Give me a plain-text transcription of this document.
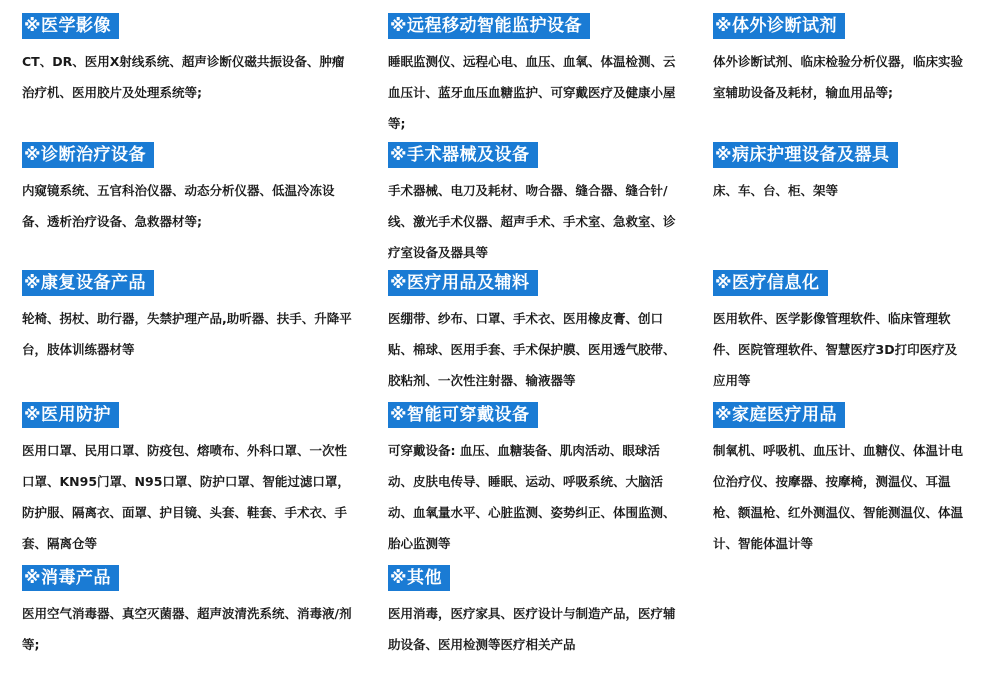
※医学影像
CT、DR、医用X射线系统、超声诊断仪磁共振设备、肿瘤治疗机、医用胶片及处理系统等;
※远程移动智能监护设备
睡眠监测仪、远程心电、血压、血氧、体温检测、云血压计、蓝牙血压血糖监护、可穿戴医疗及健康小屋等;
※体外诊断试剂
体外诊断试剂、临床检验分析仪器，临床实验室辅助设备及耗材，输血用品等;
※诊断治疗设备
内窥镜系统、五官科治仪器、动态分析仪器、低温冷冻设备、透析治疗设备、急救器材等;
※手术器械及设备
手术器械、电刀及耗材、吻合器、缝合器、缝合针/线、激光手术仪器、超声手术、手术室、急救室、诊疗室设备及器具等
※病床护理设备及器具
床、车、台、柜、架等
※康复设备产品
轮椅、拐杖、助行器，失禁护理产品,助听器、扶手、升降平台，肢体训练器材等
※医疗用品及辅料
医绷带、纱布、口罩、手术衣、医用橡皮膏、创口贴、棉球、医用手套、手术保护膜、医用透气胶带、胶粘剂、一次性注射器、输液器等
※医疗信息化
医用软件、医学影像管理软件、临床管理软件、医院管理软件、智慧医疗3D打印医疗及应用等
※医用防护
医用口罩、民用口罩、防疫包、熔喷布、外科口罩、一次性口罩、KN95门罩、N95口罩、防护口罩、智能过滤口罩，防护服、隔离衣、面罩、护目镜、头套、鞋套、手术衣、手套、隔离仓等
※智能可穿戴设备
可穿戴设备: 血压、血糖装备、肌肉活动、眼球活动、皮肤电传导、睡眠、运动、呼吸系统、大脑活动、血氧量水平、心脏监测、姿势纠正、体围监测、胎心监测等
※家庭医疗用品
制氧机、呼吸机、血压计、血糖仪、体温计电位治疗仪、按摩器、按摩椅，测温仪、耳温枪、额温枪、红外测温仪、智能测温仪、体温计、智能体温计等
※消毒产品
医用空气消毒器、真空灭菌器、超声波清洗系统、消毒液/剂等;
※其他
医用消毒，医疗家具、医疗设计与制造产品，医疗辅助设备、医用检测等医疗相关产品
